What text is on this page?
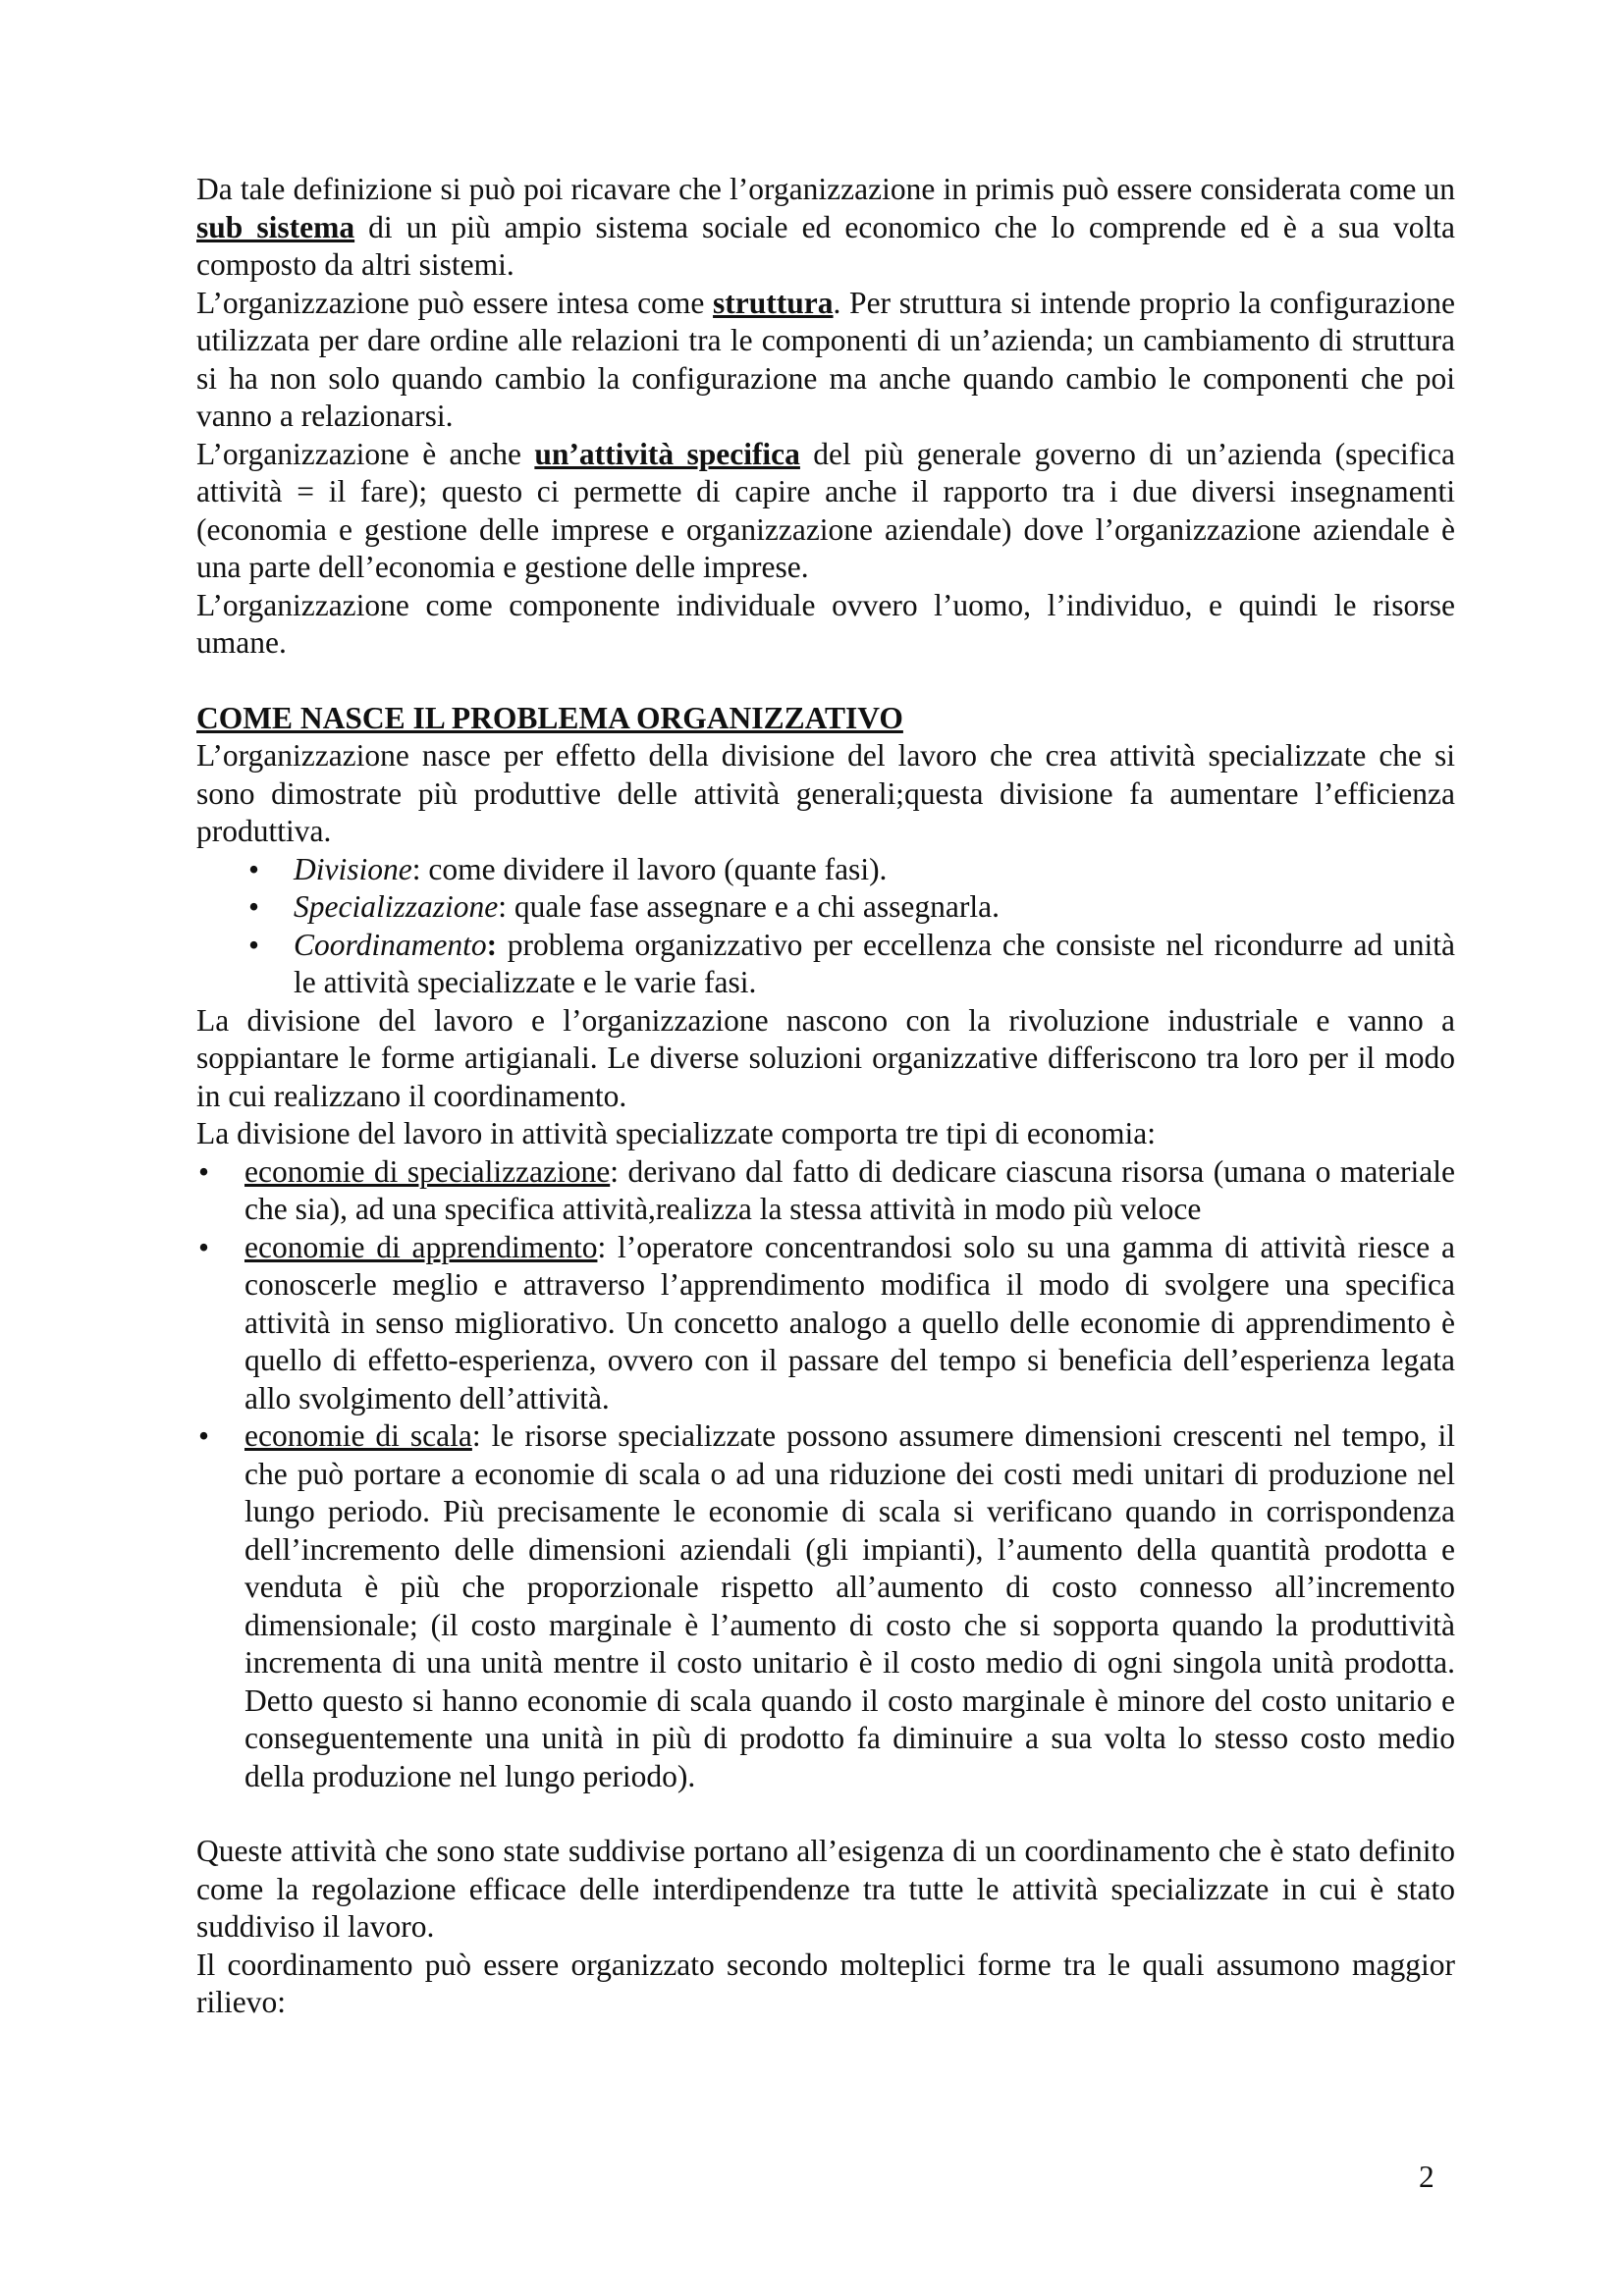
Da tale definizione si può poi ricavare che l’organizzazione in primis può essere considerata come un sub sistema di un più ampio sistema sociale ed economico che lo comprende ed è a sua volta composto da altri sistemi.

L’organizzazione può essere intesa come struttura. Per struttura si intende proprio la configurazione utilizzata per dare ordine alle relazioni tra le componenti di un’azienda; un cambiamento di struttura si ha non solo quando cambio la configurazione ma anche quando cambio le componenti che poi vanno a relazionarsi.

L’organizzazione è anche un’attività specifica del più generale governo di un’azienda (specifica attività = il fare); questo ci permette di capire anche il rapporto tra i due diversi insegnamenti (economia e gestione delle imprese e organizzazione aziendale) dove l’organizzazione aziendale è una parte dell’economia e gestione delle imprese.

L’organizzazione come componente individuale ovvero l’uomo, l’individuo, e quindi le risorse umane.

COME NASCE IL PROBLEMA ORGANIZZATIVO

L’organizzazione nasce per effetto della divisione del lavoro che crea attività specializzate che si sono dimostrate più produttive delle attività generali;questa divisione fa aumentare l’efficienza produttiva.

• Divisione: come dividere il lavoro (quante fasi).
• Specializzazione: quale fase assegnare e a chi assegnarla.
• Coordinamento: problema organizzativo per eccellenza che consiste nel ricondurre ad unità le attività specializzate e le varie fasi.

La divisione del lavoro e l’organizzazione nascono con la rivoluzione industriale e vanno a soppiantare le forme artigianali. Le diverse soluzioni organizzative differiscono tra loro per il modo in cui realizzano il coordinamento.

La divisione del lavoro in attività specializzate comporta tre tipi di economia:

• economie di specializzazione: derivano dal fatto di dedicare ciascuna risorsa (umana o materiale che sia), ad una specifica attività,realizza la stessa attività in modo più veloce
• economie di apprendimento: l’operatore concentrandosi solo su una gamma di attività riesce a conoscerle meglio e attraverso l’apprendimento modifica il modo di svolgere una specifica attività in senso migliorativo. Un concetto analogo a quello delle economie di apprendimento è quello di effetto-esperienza, ovvero con il passare del tempo si beneficia dell’esperienza legata allo svolgimento dell’attività.
• economie di scala: le risorse specializzate possono assumere dimensioni crescenti nel tempo, il che può portare a economie di scala o ad una riduzione dei costi medi unitari di produzione nel lungo periodo. Più precisamente le economie di scala si verificano quando in corrispondenza dell’incremento delle dimensioni aziendali (gli impianti), l’aumento della quantità prodotta e venduta è più che proporzionale rispetto all’aumento di costo connesso all’incremento dimensionale; (il costo marginale è l’aumento di costo che si sopporta quando la produttività incrementa di una unità mentre il costo unitario è il costo medio di ogni singola unità prodotta. Detto questo si hanno economie di scala quando il costo marginale è minore del costo unitario e conseguentemente una unità in più di prodotto fa diminuire a sua volta lo stesso costo medio della produzione nel lungo periodo).

Queste attività che sono state suddivise portano all’esigenza di un coordinamento che è stato definito come la regolazione efficace delle interdipendenze tra tutte le attività specializzate in cui è stato suddiviso il lavoro.

Il coordinamento può essere organizzato secondo molteplici forme tra le quali assumono maggior rilievo:

2
